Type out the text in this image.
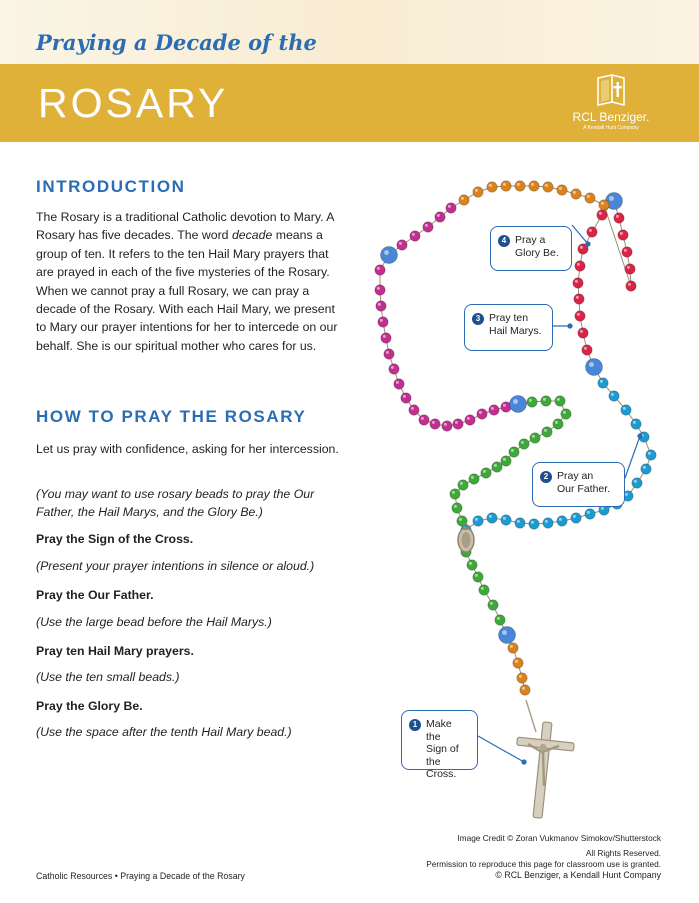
Praying a Decade of the
ROSARY	RCL Benziger.
A Kendall Hunt Company
INTRODUCTION

The Rosary is a traditional Catholic devotion to Mary. A Rosary has five decades. The word decade means a group of ten. It refers to the ten Hail Mary prayers that are prayed in each of the five mysteries of the Rosary. When we cannot pray a full Rosary, we can pray a decade of the Rosary. With each Hail Mary, we present to Mary our prayer intentions for her to intercede on our behalf. She is our spiritual mother who cares for us.

HOW TO PRAY THE ROSARY

Let us pray with confidence, asking for her intercession.

(You may want to use rosary beads to pray the Our Father, the Hail Marys, and the Glory Be.)

Pray the Sign of the Cross.

(Present your prayer intentions in silence or aloud.)

Pray the Our Father.

(Use the large bead before the Hail Marys.)

Pray ten Hail Mary prayers.

(Use the ten small beads.)

Pray the Glory Be.

(Use the space after the tenth Hail Mary bead.)

1 Make the
Sign of
the Cross.
2 Pray an
Our Father.
3 Pray ten
Hail Marys.
4 Pray a
Glory Be.
Image Credit © Zoran Vukmanov Simokov/Shutterstock
All Rights Reserved.
Permission to reproduce this page for classroom use is granted.
© RCL Benziger, a Kendall Hunt Company
Catholic Resources • Praying a Decade of the Rosary
